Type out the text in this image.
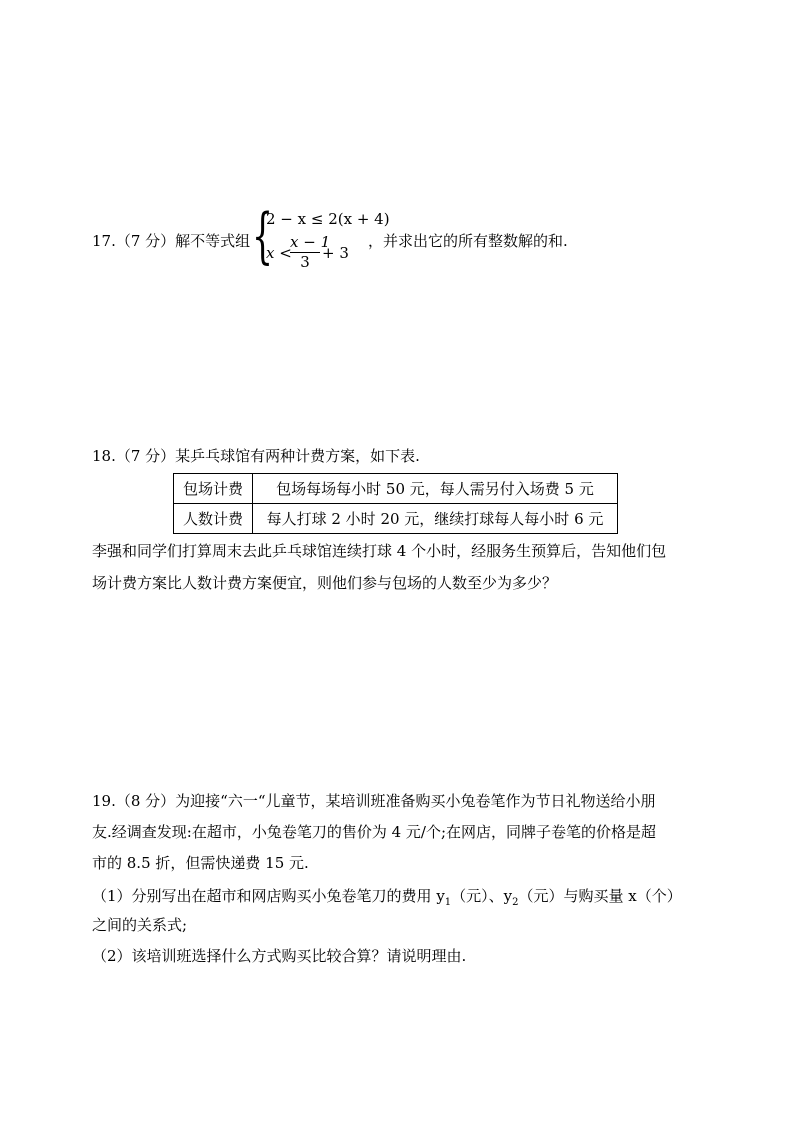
17.（7 分）解不等式组 {
2 − x ≤ 2(x + 4)
x <
x − 1
3 + 3
，并求出它的所有整数解的和.
18.（7 分）某乒乓球馆有两种计费方案，如下表.
包场计费	包场每场每小时 50 元，每人需另付入场费 5 元
人数计费	每人打球 2 小时 20 元，继续打球每人每小时 6 元
李强和同学们打算周末去此乒乓球馆连续打球 4 个小时，经服务生预算后，告知他们包
场计费方案比人数计费方案便宜，则他们参与包场的人数至少为多少？
19.（8 分）为迎接“六一“儿童节，某培训班准备购买小兔卷笔作为节日礼物送给小朋
友.经调查发现:在超市，小兔卷笔刀的售价为 4 元/个;在网店，同牌子卷笔的价格是超
市的 8.5 折，但需快递费 15 元.
（1）分别写出在超市和网店购买小兔卷笔刀的费用 $y_1$（元）、$y_2$（元）与购买量 x（个）
之间的关系式;
（2）该培训班选择什么方式购买比较合算？请说明理由.
